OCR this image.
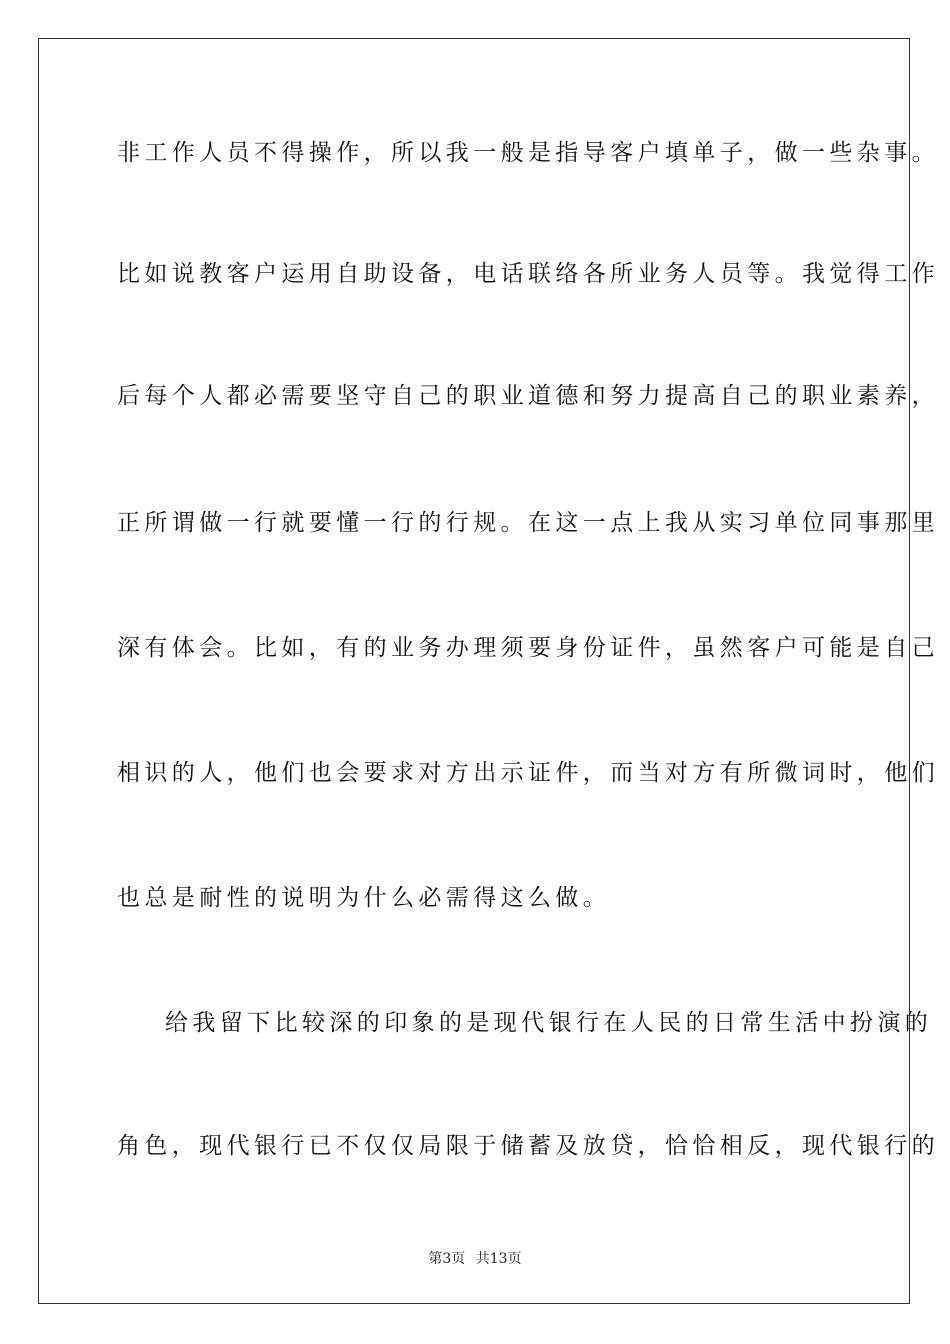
非工作人员不得操作，所以我一般是指导客户填单子，做一些杂事。

比如说教客户运用自助设备，电话联络各所业务人员等。我觉得工作

后每个人都必需要坚守自己的职业道德和努力提高自己的职业素养，

正所谓做一行就要懂一行的行规。在这一点上我从实习单位同事那里

深有体会。比如，有的业务办理须要身份证件，虽然客户可能是自己

相识的人，他们也会要求对方出示证件，而当对方有所微词时，他们

也总是耐性的说明为什么必需得这么做。

给我留下比较深的印象的是现代银行在人民的日常生活中扮演的

角色，现代银行已不仅仅局限于储蓄及放贷，恰恰相反，现代银行的

第3页 共13页
